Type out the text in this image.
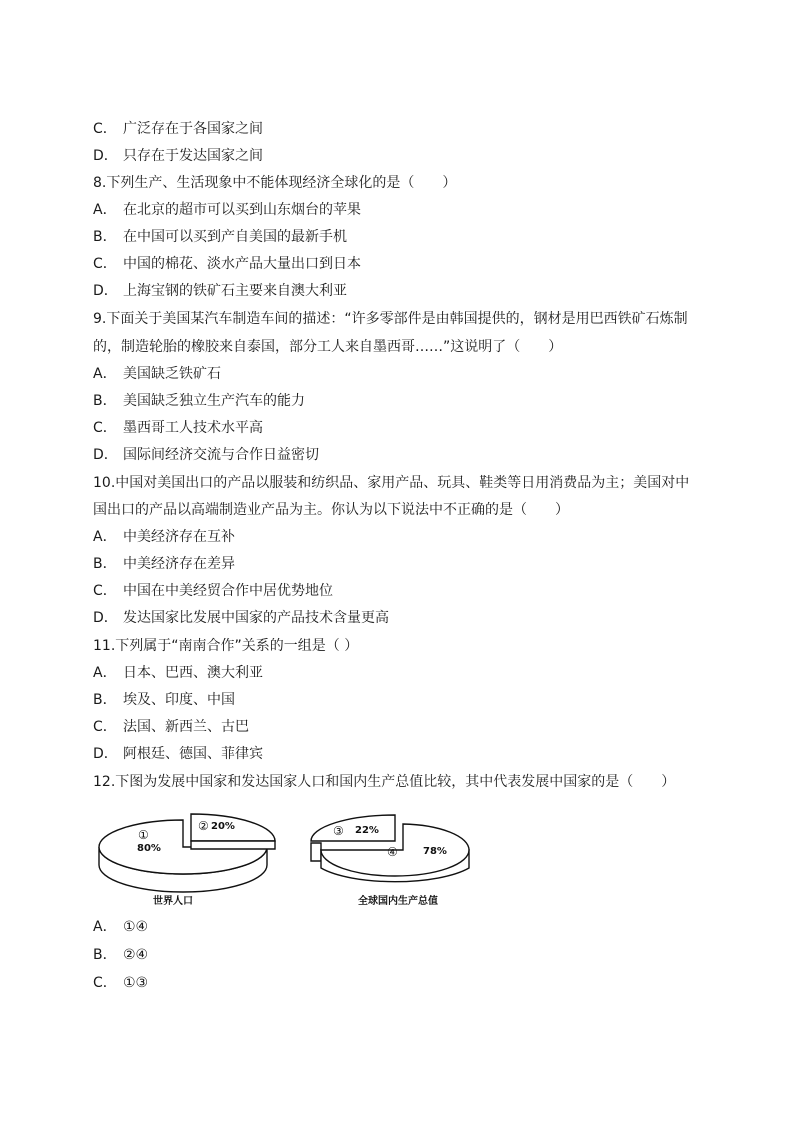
C． 广泛存在于各国家之间
D． 只存在于发达国家之间
8.下列生产、生活现象中不能体现经济全球化的是（　　）
A． 在北京的超市可以买到山东烟台的苹果
B． 在中国可以买到产自美国的最新手机
C． 中国的棉花、淡水产品大量出口到日本
D． 上海宝钢的铁矿石主要来自澳大利亚
9.下面关于美国某汽车制造车间的描述：“许多零部件是由韩国提供的，钢材是用巴西铁矿石炼制
的，制造轮胎的橡胶来自泰国，部分工人来自墨西哥……”这说明了（　　）
A． 美国缺乏铁矿石
B． 美国缺乏独立生产汽车的能力
C． 墨西哥工人技术水平高
D． 国际间经济交流与合作日益密切
10.中国对美国出口的产品以服装和纺织品、家用产品、玩具、鞋类等日用消费品为主；美国对中
国出口的产品以高端制造业产品为主。你认为以下说法中不正确的是（　　）
A． 中美经济存在互补
B． 中美经济存在差异
C． 中国在中美经贸合作中居优势地位
D． 发达国家比发展中国家的产品技术含量更高
11.下列属于“南南合作”关系的一组是（ ）
A． 日本、巴西、澳大利亚
B． 埃及、印度、中国
C． 法国、新西兰、古巴
D． 阿根廷、德国、菲律宾
12.下图为发展中国家和发达国家人口和国内生产总值比较，其中代表发展中国家的是（　　）
①
80%
② 20%
世界人口
③ 22%
④	78%
全球国内生产总值
A． ①④
B． ②④
C． ①③
